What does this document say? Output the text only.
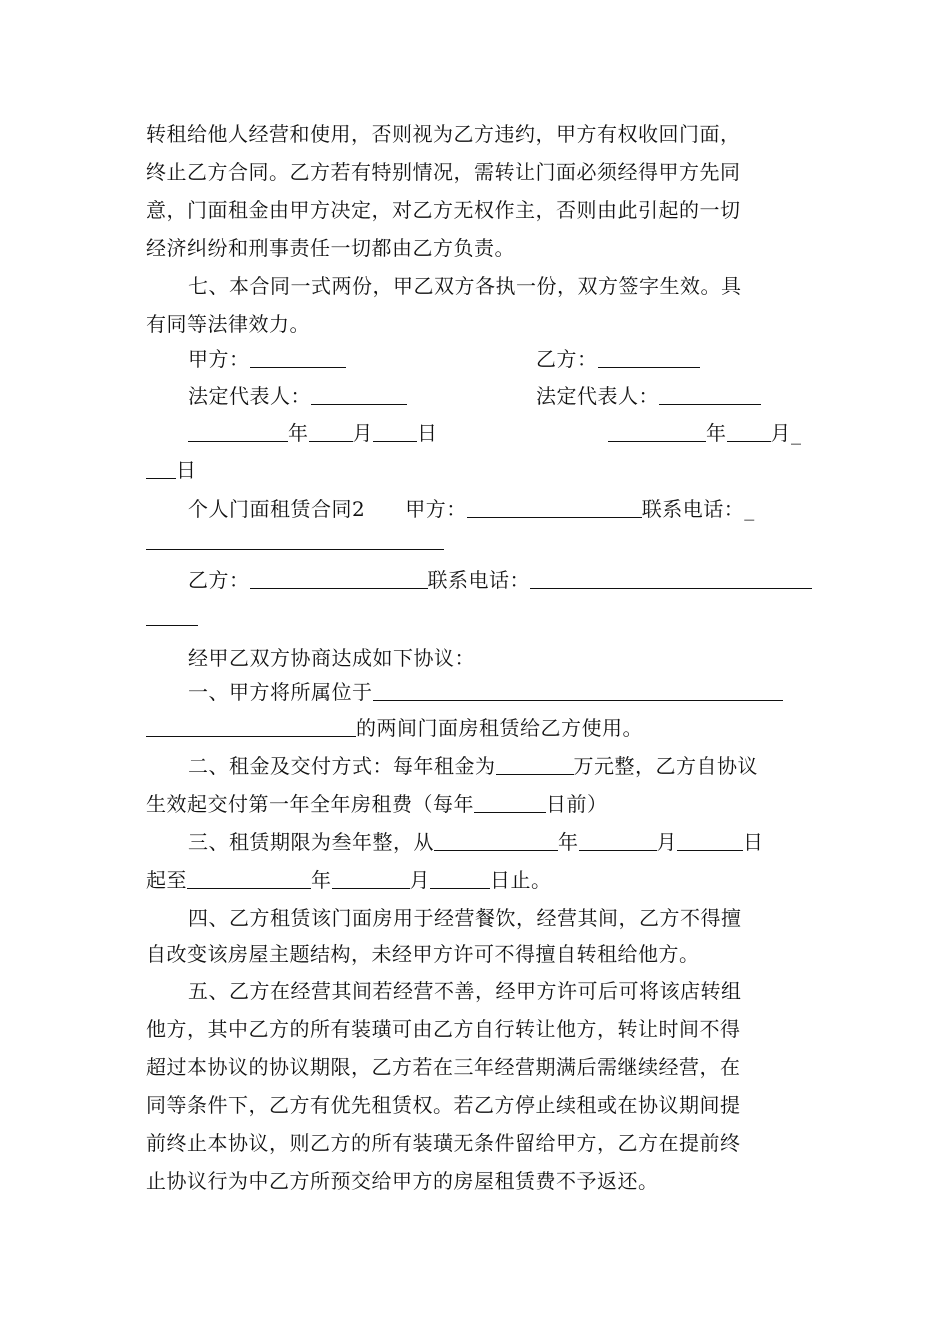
转租给他人经营和使用，否则视为乙方违约，甲方有权收回门面，
终止乙方合同。乙方若有特别情况，需转让门面必须经得甲方先同
意，门面租金由甲方决定，对乙方无权作主，否则由此引起的一切
经济纠纷和刑事责任一切都由乙方负责。
七、本合同一式两份，甲乙双方各执一份，双方签字生效。具
有同等法律效力。
甲方：	乙方：
法定代表人：	法定代表人：
年 月 日	年 月_
日
个人门面租赁合同2 甲方：	联系电话：_
乙方：	联系电话：
经甲乙双方协商达成如下协议：
一、甲方将所属位于
的两间门面房租赁给乙方使用。
二、租金及交付方式：每年租金为	万元整，乙方自协议
生效起交付第一年全年房租费（每年	日前）
三、租赁期限为叁年整，从	年	月	日
起至	年	月	日止。
四、乙方租赁该门面房用于经营餐饮，经营其间，乙方不得擅
自改变该房屋主题结构，未经甲方许可不得擅自转租给他方。
五、乙方在经营其间若经营不善，经甲方许可后可将该店转组
他方，其中乙方的所有装璜可由乙方自行转让他方，转让时间不得
超过本协议的协议期限，乙方若在三年经营期满后需继续经营，在
同等条件下，乙方有优先租赁权。若乙方停止续租或在协议期间提
前终止本协议，则乙方的所有装璜无条件留给甲方，乙方在提前终
止协议行为中乙方所预交给甲方的房屋租赁费不予返还。
